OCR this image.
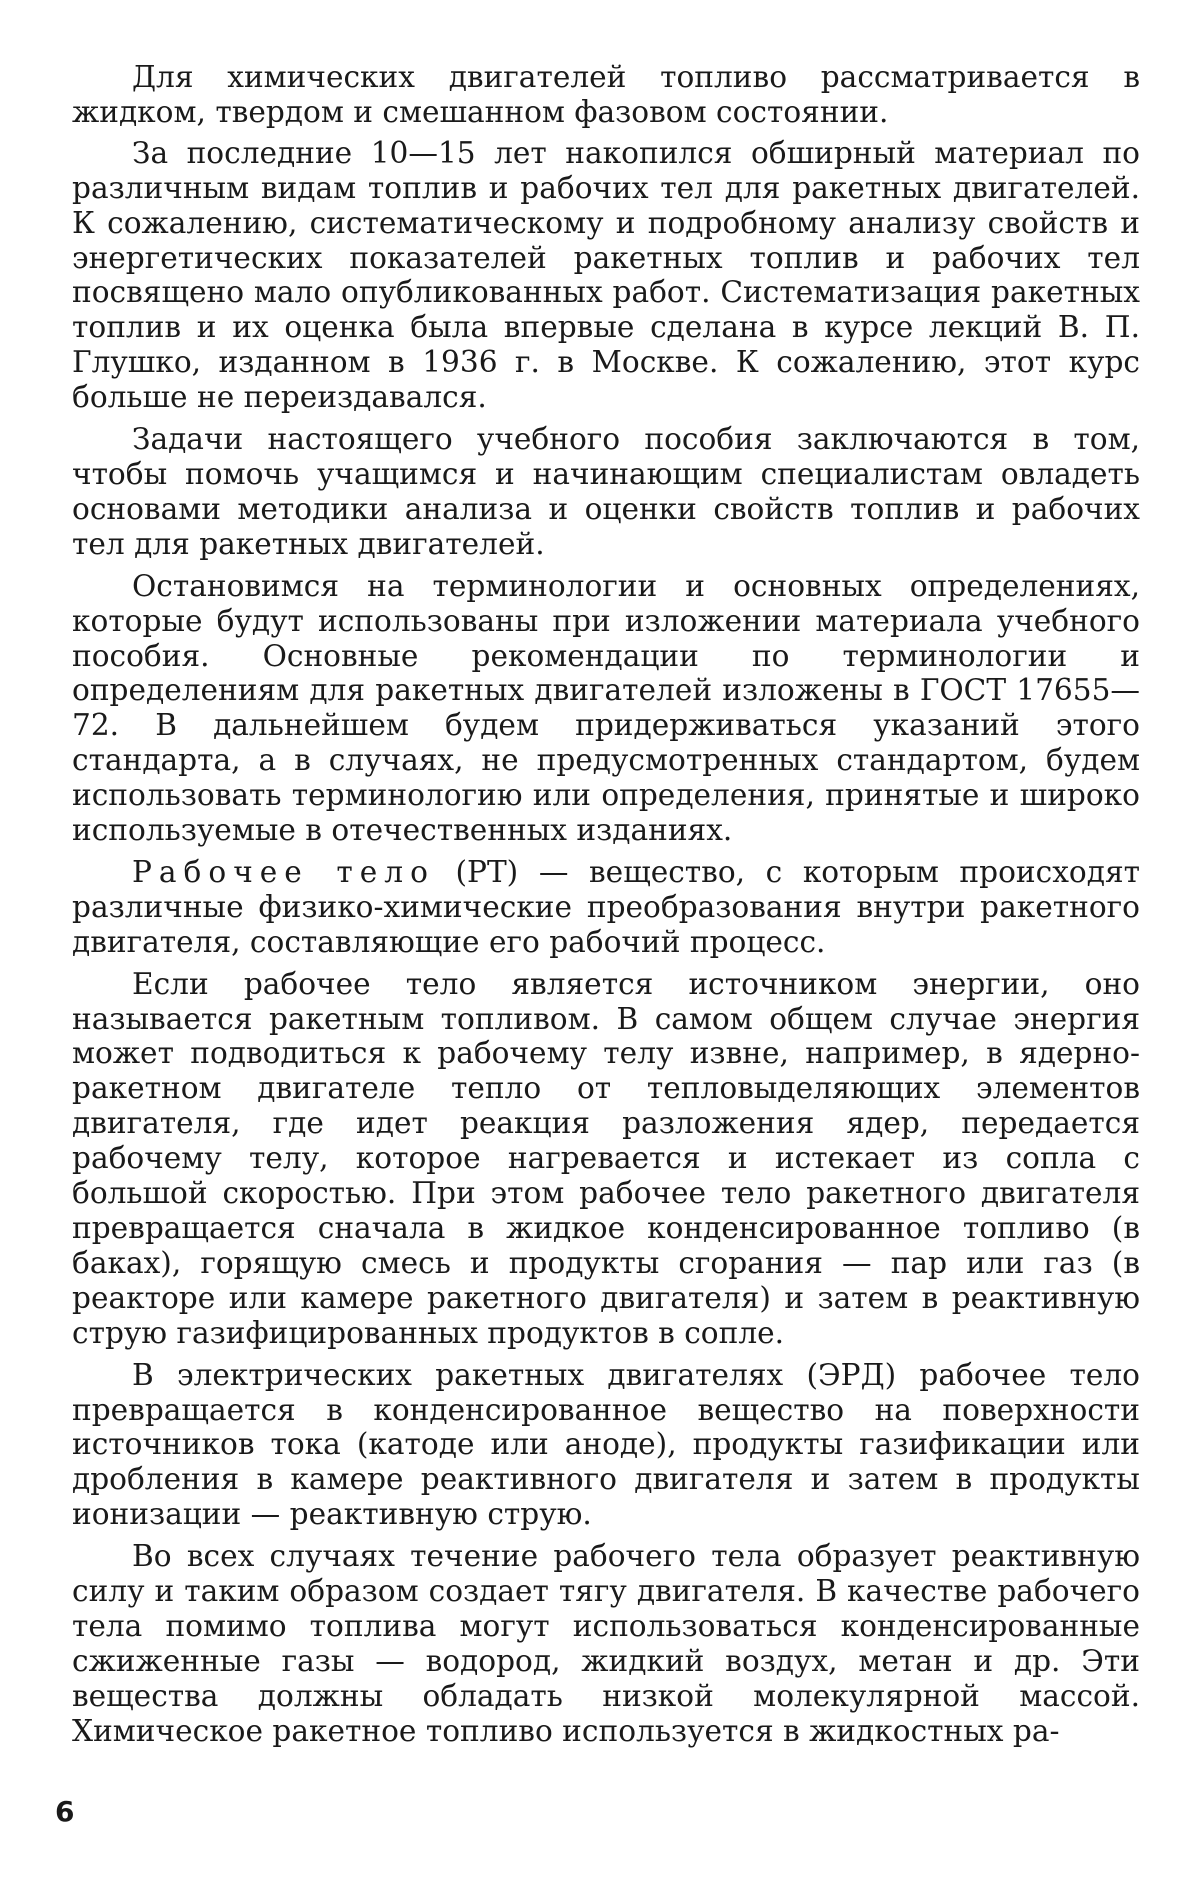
Для химических двигателей топливо рассматривается в жидком, твердом и смешанном фазовом состоянии.

За последние 10—15 лет накопился обширный материал по различным видам топлив и рабочих тел для ракетных двигателей. К сожалению, систематическому и подробному анализу свойств и энергетических показателей ракетных топлив и рабочих тел посвящено мало опубликованных работ. Систематизация ракетных топлив и их оценка была впервые сделана в курсе лекций В. П. Глушко, изданном в 1936 г. в Москве. К сожалению, этот курс больше не переиздавался.

Задачи настоящего учебного пособия заключаются в том, чтобы помочь учащимся и начинающим специалистам овладеть основами методики анализа и оценки свойств топлив и рабочих тел для ракетных двигателей.

Остановимся на терминологии и основных определениях, которые будут использованы при изложении материала учебного пособия. Основные рекомендации по терминологии и определениям для ракетных двигателей изложены в ГОСТ 17655—72. В дальнейшем будем придерживаться указаний этого стандарта, а в случаях, не предусмотренных стандартом, будем использовать терминологию или определения, принятые и широко используемые в отечественных изданиях.

Рабочее тело (РТ) — вещество, с которым происходят различные физико-химические преобразования внутри ракетного двигателя, составляющие его рабочий процесс.

Если рабочее тело является источником энергии, оно называется ракетным топливом. В самом общем случае энергия может подводиться к рабочему телу извне, например, в ядерно-ракетном двигателе тепло от тепловыделяющих элементов двигателя, где идет реакция разложения ядер, передается рабочему телу, которое нагревается и истекает из сопла с большой скоростью. При этом рабочее тело ракетного двигателя превращается сначала в жидкое конденсированное топливо (в баках), горящую смесь и продукты сгорания — пар или газ (в реакторе или камере ракетного двигателя) и затем в реактивную струю газифицированных продуктов в сопле.

В электрических ракетных двигателях (ЭРД) рабочее тело превращается в конденсированное вещество на поверхности источников тока (катоде или аноде), продукты газификации или дробления в камере реактивного двигателя и затем в продукты ионизации — реактивную струю.

Во всех случаях течение рабочего тела образует реактивную силу и таким образом создает тягу двигателя. В качестве рабочего тела помимо топлива могут использоваться конденсированные сжиженные газы — водород, жидкий воздух, метан и др. Эти вещества должны обладать низкой молекулярной массой. Химическое ракетное топливо используется в жидкостных ра-

6
